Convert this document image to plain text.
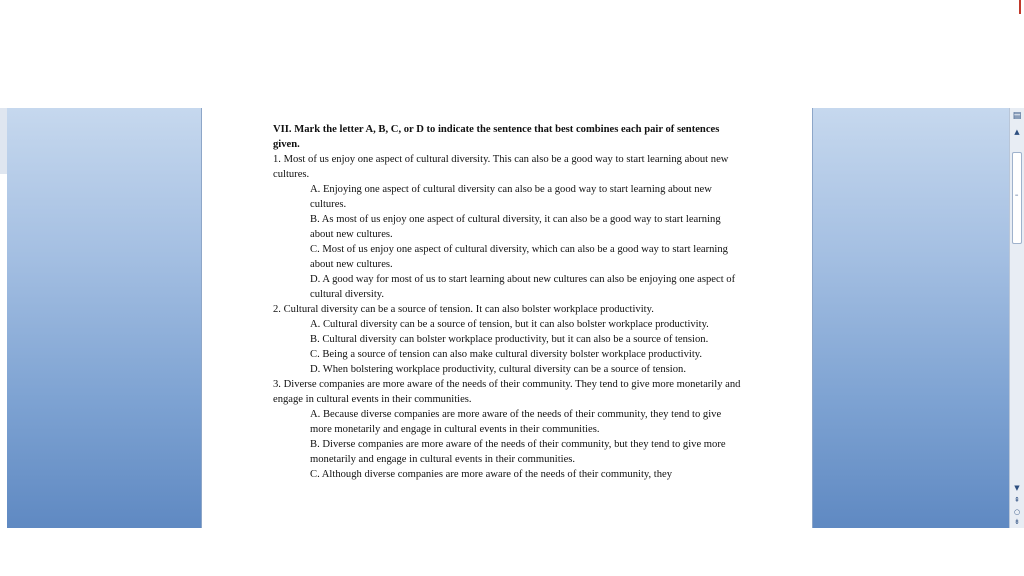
VII. Mark the letter A, B, C, or D to indicate the sentence that best combines each pair of sentences given.

1. Most of us enjoy one aspect of cultural diversity. This can also be a good way to start learning about new cultures.

A. Enjoying one aspect of cultural diversity can also be a good way to start learning about new cultures.

B. As most of us enjoy one aspect of cultural diversity, it can also be a good way to start learning about new cultures.

C. Most of us enjoy one aspect of cultural diversity, which can also be a good way to start learning about new cultures.

D. A good way for most of us to start learning about new cultures can also be enjoying one aspect of cultural diversity.

2. Cultural diversity can be a source of tension. It can also bolster workplace productivity.

A. Cultural diversity can be a source of tension, but it can also bolster workplace productivity.

B. Cultural diversity can bolster workplace productivity, but it can also be a source of tension.

C. Being a source of tension can also make cultural diversity bolster workplace productivity.

D. When bolstering workplace productivity, cultural diversity can be a source of tension.

3. Diverse companies are more aware of the needs of their community. They tend to give more monetarily and engage in cultural events in their communities.

A. Because diverse companies are more aware of the needs of their community, they tend to give more monetarily and engage in cultural events in their communities.

B. Diverse companies are more aware of the needs of their community, but they tend to give more monetarily and engage in cultural events in their communities.

C. Although diverse companies are more aware of the needs of their community, they

▤
▲
≡
▼
⇞
○
⇟
